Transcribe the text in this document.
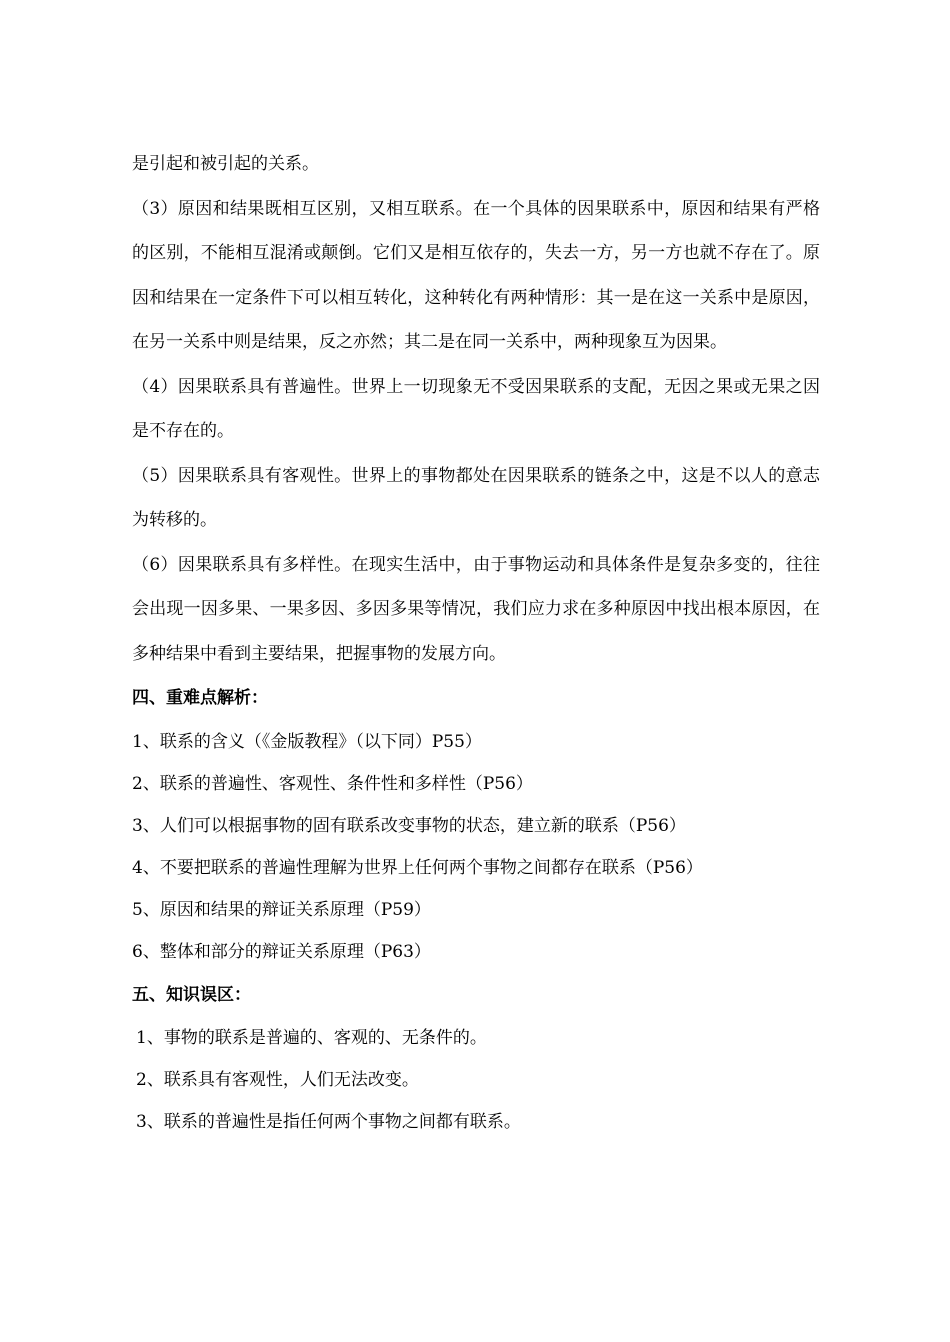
是引起和被引起的关系。

（3）原因和结果既相互区别，又相互联系。在一个具体的因果联系中，原因和结果有严格的区别，不能相互混淆或颠倒。它们又是相互依存的，失去一方，另一方也就不存在了。原因和结果在一定条件下可以相互转化，这种转化有两种情形：其一是在这一关系中是原因，在另一关系中则是结果，反之亦然；其二是在同一关系中，两种现象互为因果。

（4）因果联系具有普遍性。世界上一切现象无不受因果联系的支配，无因之果或无果之因是不存在的。

（5）因果联系具有客观性。世界上的事物都处在因果联系的链条之中，这是不以人的意志为转移的。

（6）因果联系具有多样性。在现实生活中，由于事物运动和具体条件是复杂多变的，往往会出现一因多果、一果多因、多因多果等情况，我们应力求在多种原因中找出根本原因，在多种结果中看到主要结果，把握事物的发展方向。

四、重难点解析：

1、联系的含义（《金版教程》（以下同）P55）

2、联系的普遍性、客观性、条件性和多样性（P56）

3、人们可以根据事物的固有联系改变事物的状态，建立新的联系（P56）

4、不要把联系的普遍性理解为世界上任何两个事物之间都存在联系（P56）

5、原因和结果的辩证关系原理（P59）

6、整体和部分的辩证关系原理（P63）

五、知识误区：

1、事物的联系是普遍的、客观的、无条件的。

2、联系具有客观性，人们无法改变。

3、联系的普遍性是指任何两个事物之间都有联系。
